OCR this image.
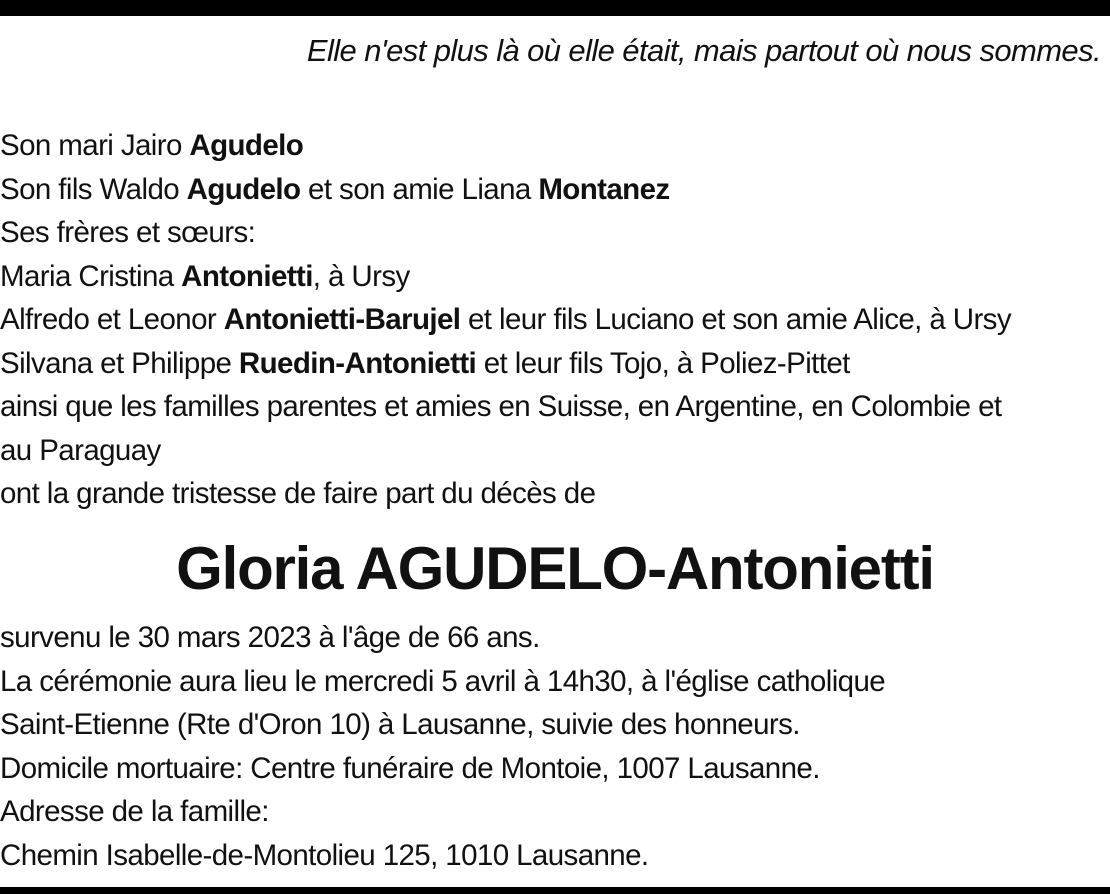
Elle n'est plus là où elle était, mais partout où nous sommes.
Son mari Jairo Agudelo
Son fils Waldo Agudelo et son amie Liana Montanez
Ses frères et sœurs:
Maria Cristina Antonietti, à Ursy
Alfredo et Leonor Antonietti-Barujel et leur fils Luciano et son amie Alice, à Ursy
Silvana et Philippe Ruedin-Antonietti et leur fils Tojo, à Poliez-Pittet
ainsi que les familles parentes et amies en Suisse, en Argentine, en Colombie et
au Paraguay
ont la grande tristesse de faire part du décès de
Gloria AGUDELO-Antonietti
survenu le 30 mars 2023 à l'âge de 66 ans.
La cérémonie aura lieu le mercredi 5 avril à 14h30, à l'église catholique
Saint-Etienne (Rte d'Oron 10) à Lausanne, suivie des honneurs.
Domicile mortuaire: Centre funéraire de Montoie, 1007 Lausanne.
Adresse de la famille:
Chemin Isabelle-de-Montolieu 125, 1010 Lausanne.
